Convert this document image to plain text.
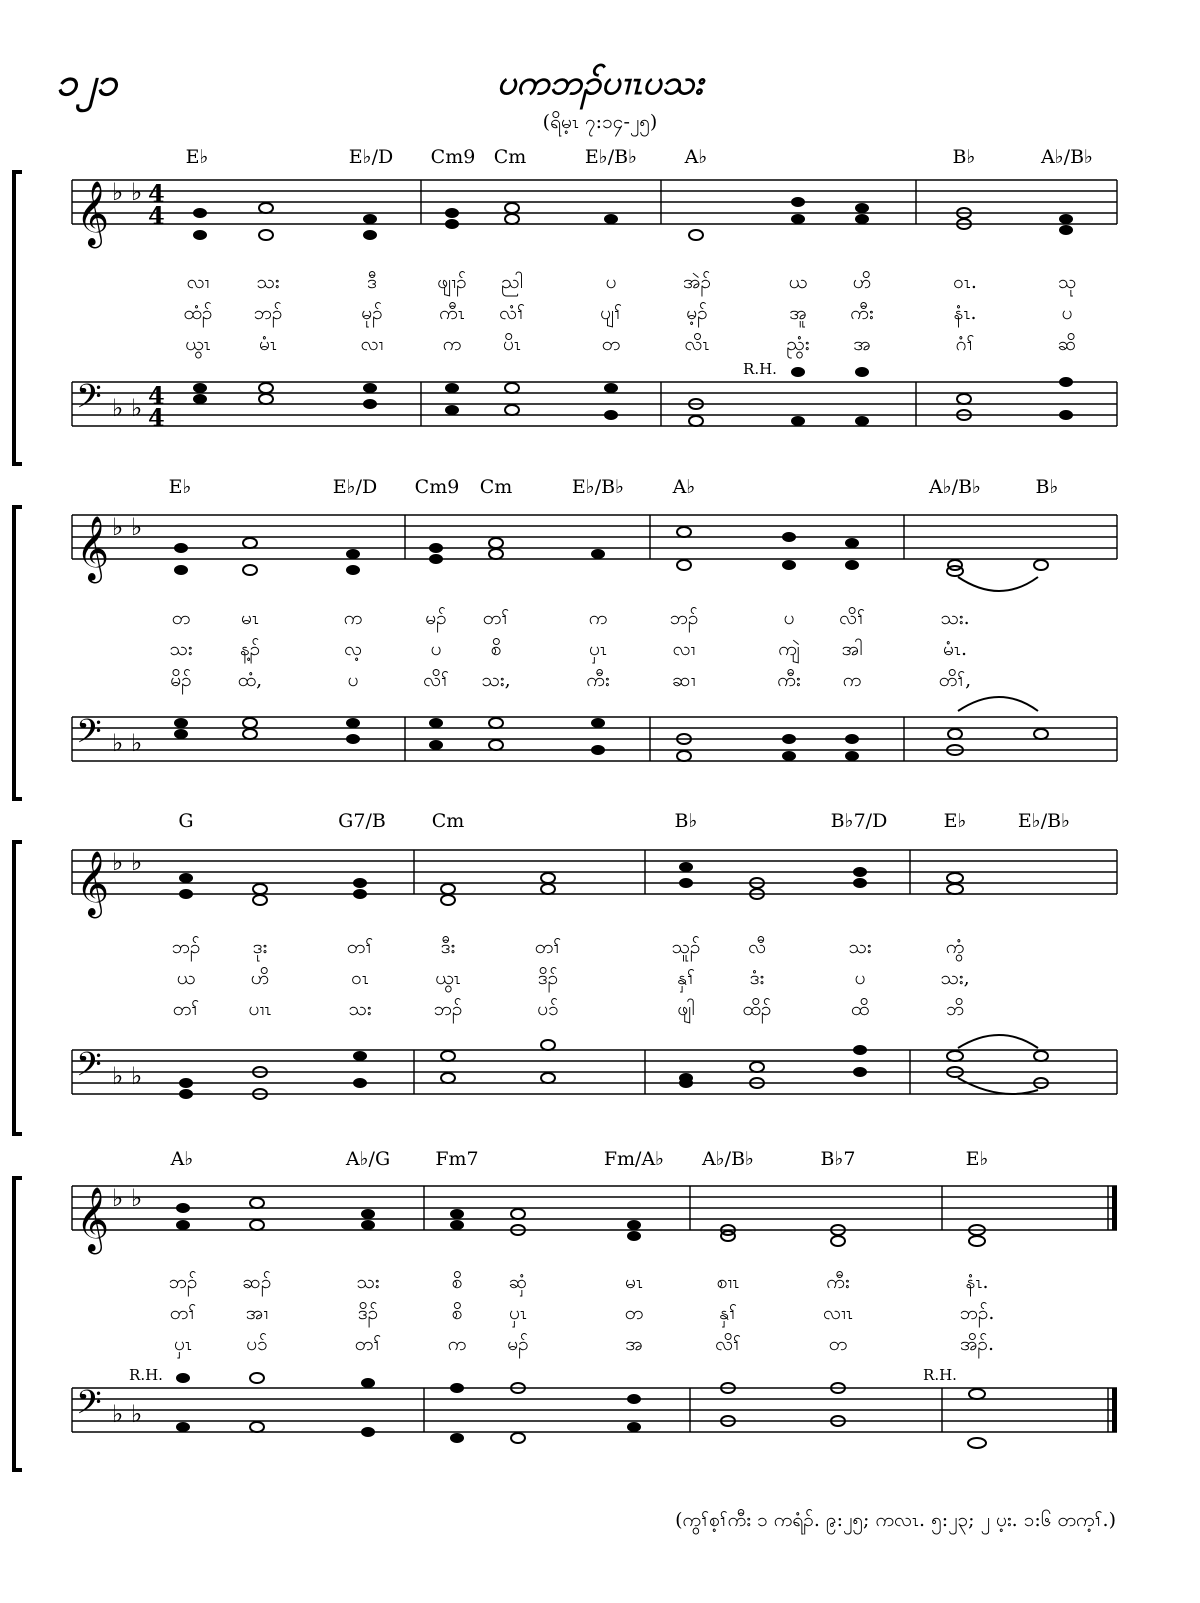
၁၂၁	ပကဘၣ်ပၢၤပသး
(ရိမ့ၤ ၇:၁၄-၂၅)
E♭	E♭/D Cm9 Cm	E♭/B♭	A♭	B♭	A♭/B♭
𝄞 ♭ ♭ 4
4
လၢ သး	ဒီ	ဖျၢၣ် ညါ	ပ	အဲၣ်	ယ ဟိ	ဝၤ.	သု
ထံၣ် ဘၣ်	မုၣ်	ကီၤ လံၢ်	ပျၢ်	မ့ၣ်	အူ ကီး	နံၤ.	ပ
ယွၤ	မံၤ	လၢ	က ပိၤ	တ	လိၤ	ညွံး အ	ဂံၢ်	ဆိ
R.H.
𝄢 ♭ ♭ 4
4
E♭	E♭/D Cm9 Cm	E♭/B♭	A♭	A♭/B♭	B♭
𝄞 ♭ ♭
တ	မၤ	က	မၣ် တၢ်	က	ဘၣ်	ပ လိၢ်	သး.
သး န့ၣ်	လ့	ပ	စိ	ပှၤ	လၢ	ကျဲ အါ	မံၤ.
မိၣ် ထံ,	ပ	လိၢ် သး,	ကီး	ဆၢ	ကီး က	တိၢ်,
𝄢 ♭ ♭
G	G7/B Cm	B♭	B♭7/D	E♭	E♭/B♭
𝄞 ♭ ♭
ဘၣ်	ဒုး	တၢ်	ဒီး	တၢ်	သူၣ်	လီ	သး	ကွံ
ယ	ဟိ	ဝၤ	ယွၤ	ဒိၣ်	နှၢ်	ဒံး	ပ	သး,
တၢ်	ပၢၤ	သး	ဘၣ်	ပၥ်	ဖျါ	ထိၣ်	ထိ	ဘိ
𝄢 ♭ ♭
A♭	A♭/G Fm7	Fm/A♭ A♭/B♭	B♭7	E♭
𝄞 ♭ ♭
ဘၣ် ဆၣ်	သး	စိ ဆှံ	မၤ	စၢၤ	ကီး	နံၤ.
တၢ်	အၢ	ဒိၣ်	စိ ပှၤ	တ	နှၢ်	လၢၤ	ဘၣ်.
ပှၤ	ပၥ်	တၢ်	က မၣ်	အ	လိၢ်	တ	အိၣ်.
R.H.	R.H.
𝄢 ♭ ♭
(ကွၢ်စ့ၢ်ကီး ၁ ကရံၣ်. ၉:၂၅; ကလၤ. ၅:၂၃; ၂ ပ့း. ၁:၆ တက့ၢ်.)
